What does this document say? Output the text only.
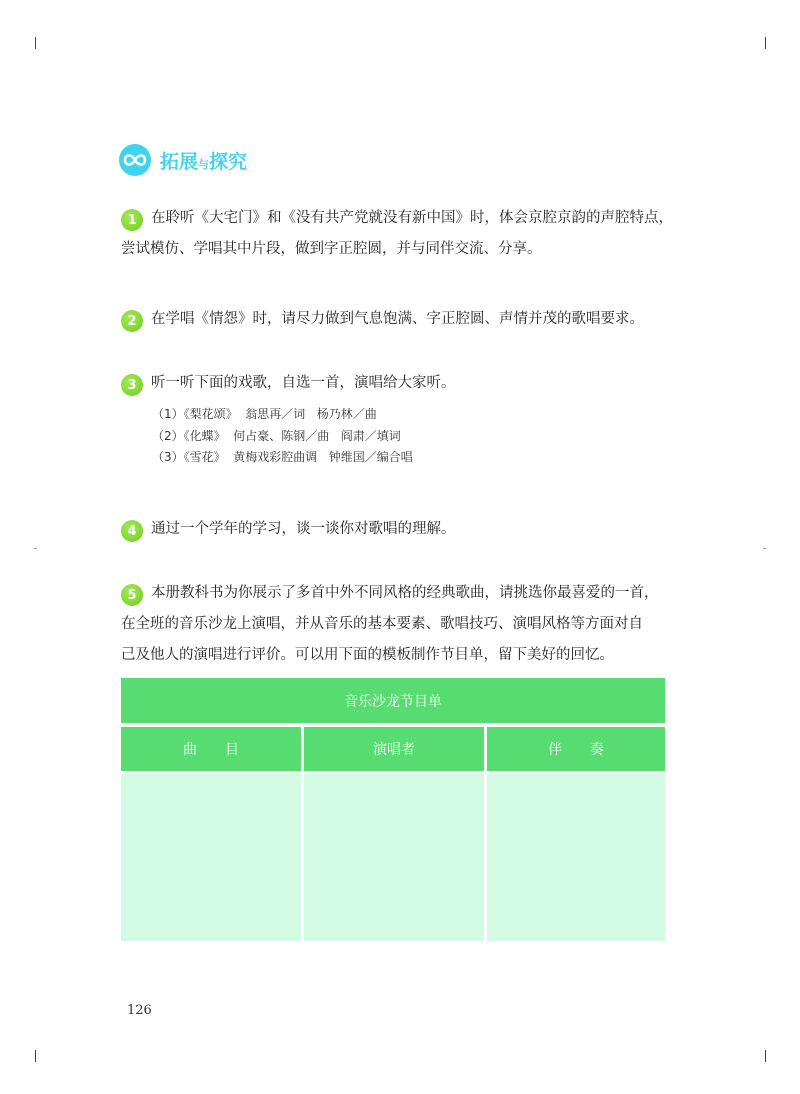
拓展与探究
1 在聆听《大宅门》和《没有共产党就没有新中国》时，体会京腔京韵的声腔特点，
尝试模仿、学唱其中片段，做到字正腔圆，并与同伴交流、分享。
2 在学唱《情怨》时，请尽力做到气息饱满、字正腔圆、声情并茂的歌唱要求。
3 听一听下面的戏歌，自选一首，演唱给大家听。
（1）《梨花颂》  翁思再／词   杨乃林／曲
（2）《化蝶》  何占豪、陈钢／曲   阎肃／填词
（3）《雪花》  黄梅戏彩腔曲调   钟维国／编合唱
4 通过一个学年的学习，谈一谈你对歌唱的理解。
5 本册教科书为你展示了多首中外不同风格的经典歌曲，请挑选你最喜爱的一首，
在全班的音乐沙龙上演唱，并从音乐的基本要素、歌唱技巧、演唱风格等方面对自
己及他人的演唱进行评价。可以用下面的模板制作节目单，留下美好的回忆。
音乐沙龙节目单
曲　　目	演唱者	伴　　奏
126
